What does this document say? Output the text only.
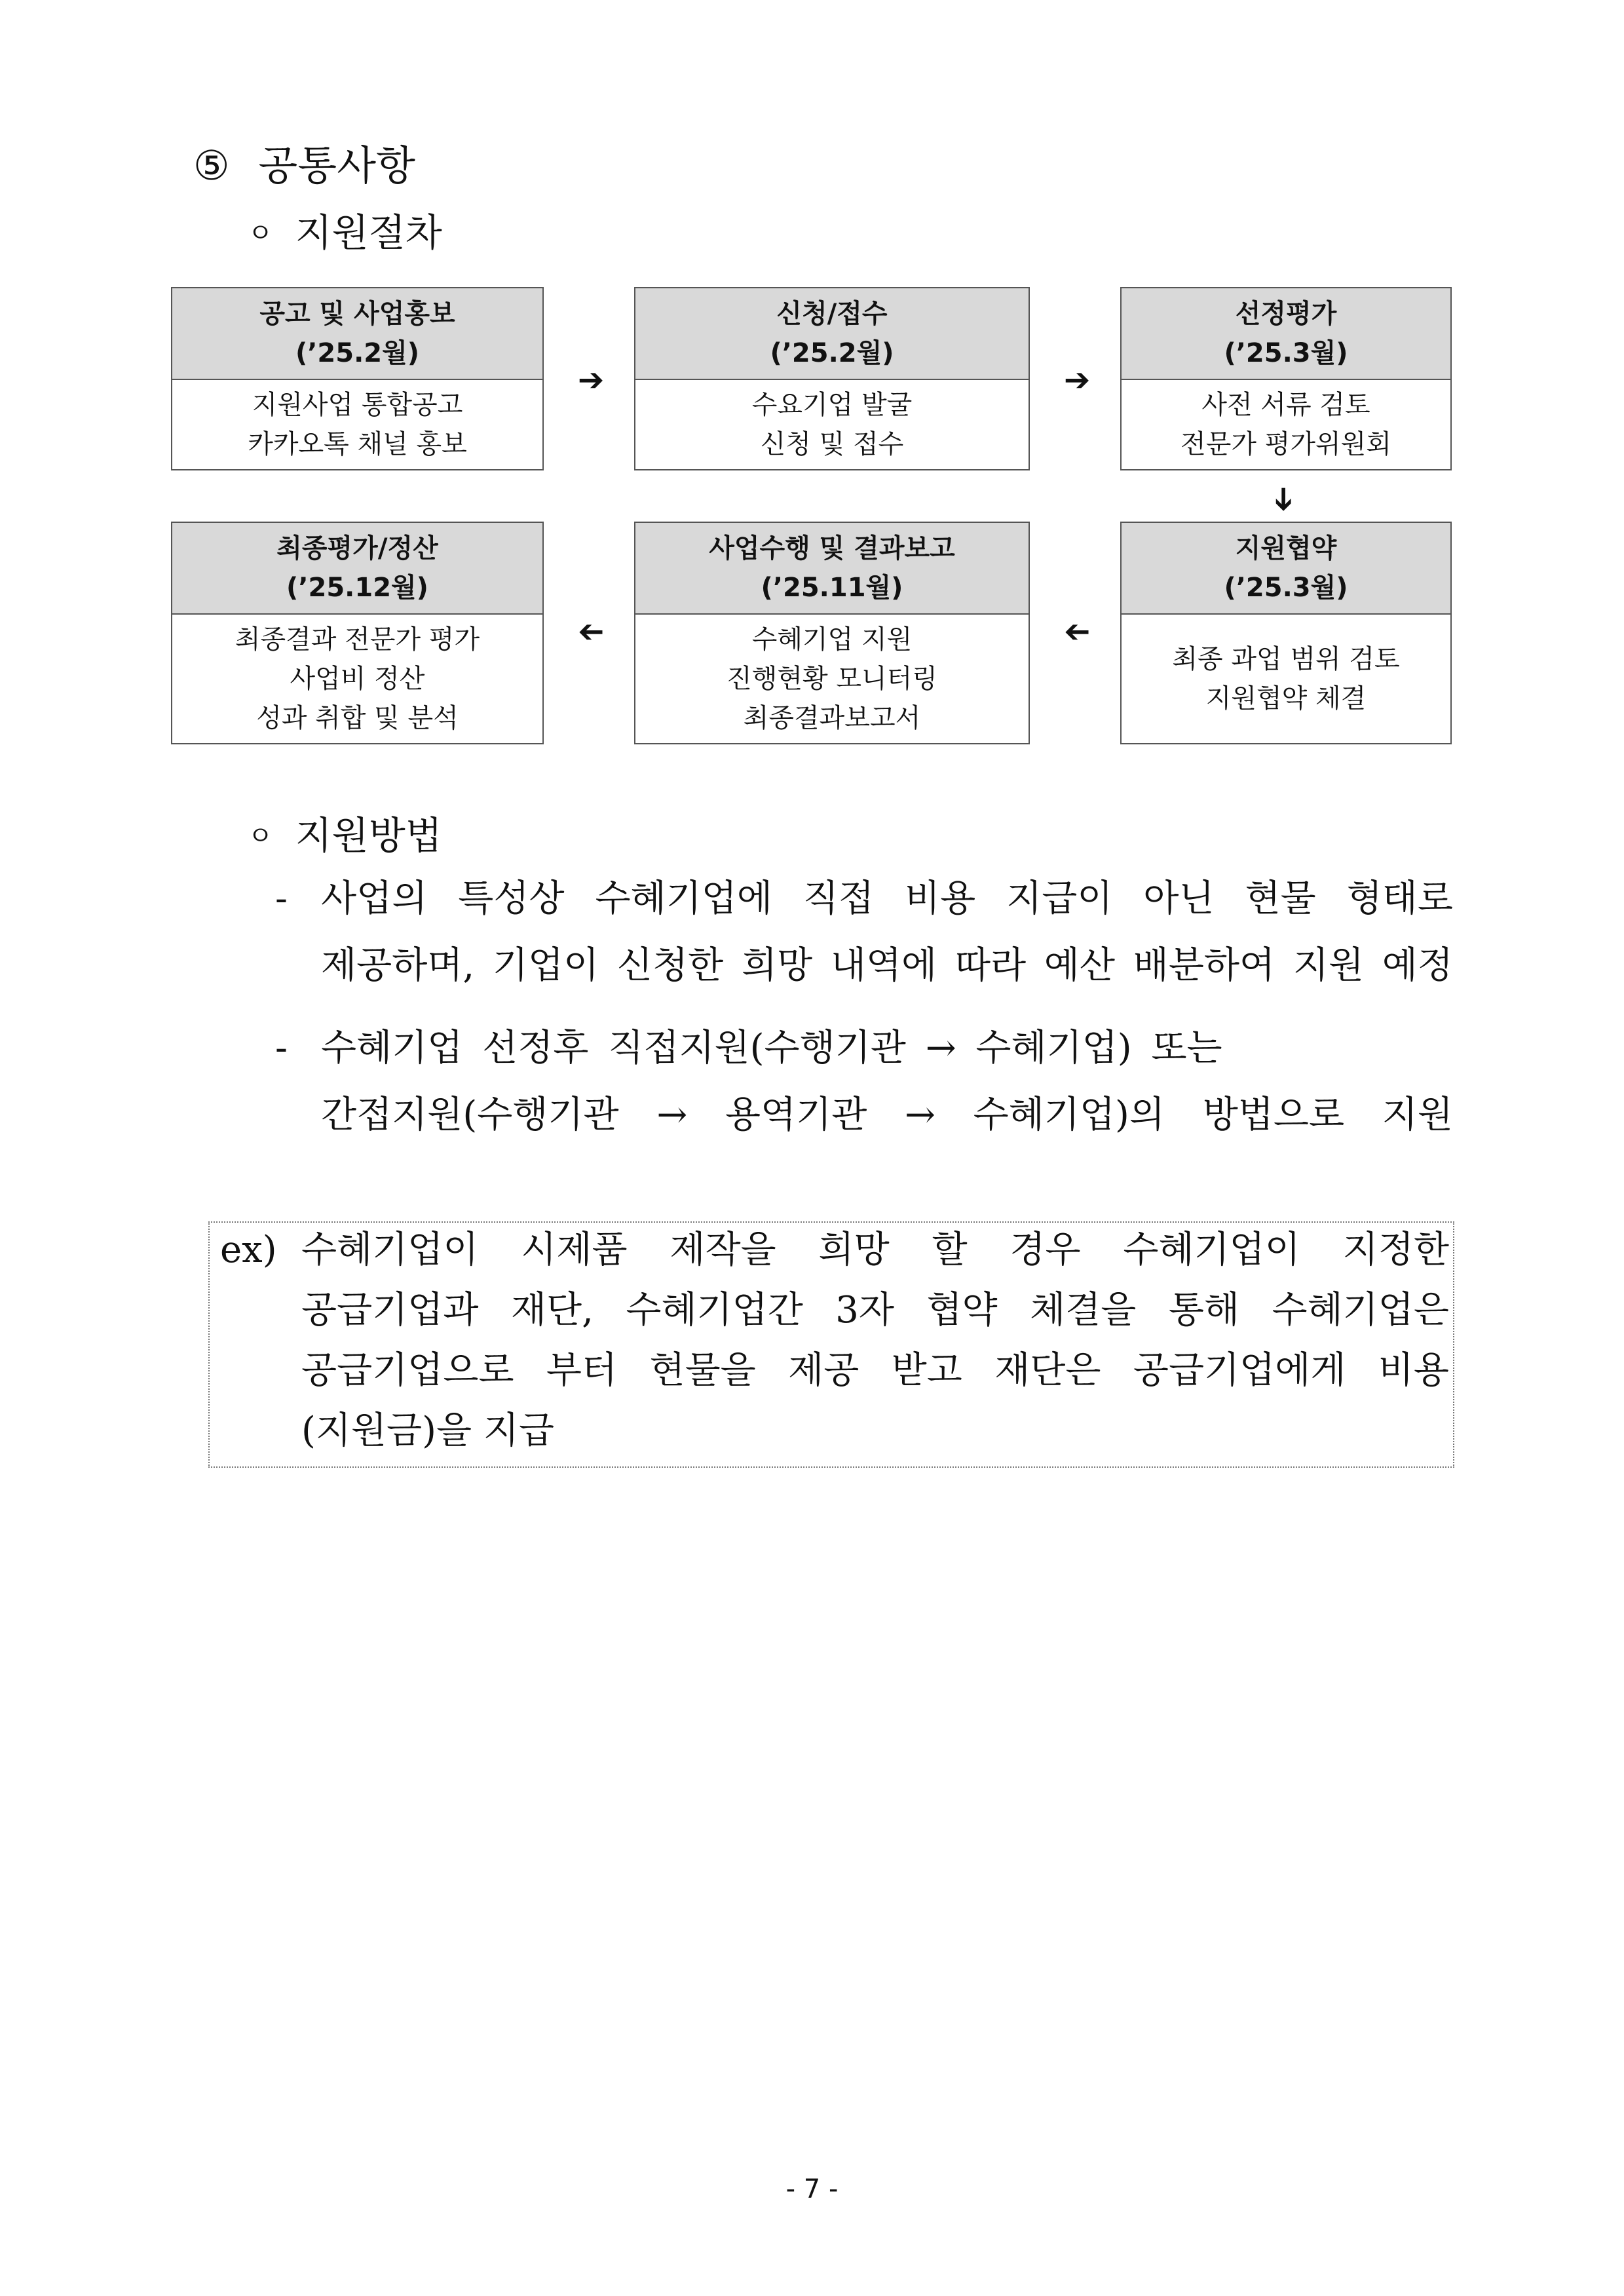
⑤ 공통사항
ㅇ 지원절차
공고 및 사업홍보
(’25.2월)
지원사업 통합공고
카카오톡 채널 홍보
➔
신청/접수
(’25.2월)
수요기업 발굴
신청 및 접수
➔
선정평가
(’25.3월)
사전 서류 검토
전문가 평가위원회
➔
최종평가/정산
(’25.12월)
최종결과 전문가 평가
사업비 정산
성과 취합 및 분석
➔
사업수행 및 결과보고
(’25.11월)
수혜기업 지원
진행현황 모니터링
최종결과보고서
➔
지원협약
(’25.3월)
최종 과업 범위 검토
지원협약 체결
ㅇ 지원방법
- 사업의 특성상 수혜기업에 직접 비용 지급이 아닌 현물 형태로
제공하며, 기업이 신청한 희망 내역에 따라 예산 배분하여 지원 예정
- 수혜기업 선정후 직접지원(수행기관 → 수혜기업) 또는
간접지원(수행기관 → 용역기관 → 수혜기업)의 방법으로 지원
ex) 수혜기업이 시제품 제작을 희망 할 경우 수혜기업이 지정한
공급기업과 재단, 수혜기업간 3자 협약 체결을 통해 수혜기업은
공급기업으로 부터 현물을 제공 받고 재단은 공급기업에게 비용
(지원금)을 지급
- 7 -
